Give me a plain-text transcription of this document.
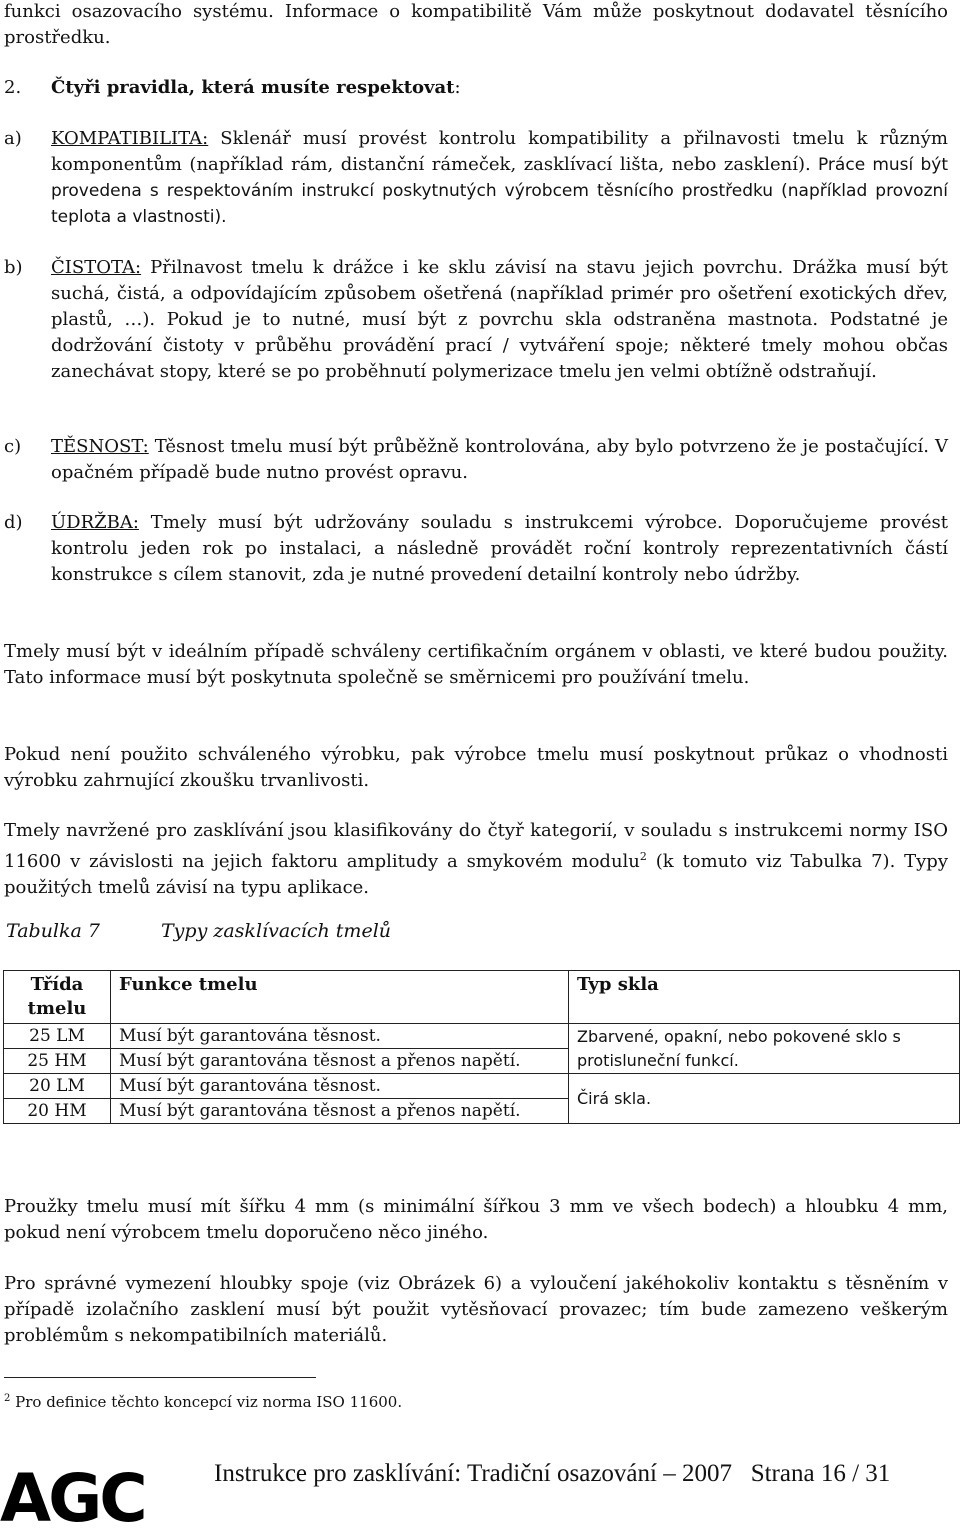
funkci osazovacího systému. Informace o kompatibilitě Vám může poskytnout dodavatel těsnícího prostředku.
2. Čtyři pravidla, která musíte respektovat:
a) KOMPATIBILITA: Sklenář musí provést kontrolu kompatibility a přilnavosti tmelu k různým komponentům (například rám, distanční rámeček, zasklívací lišta, nebo zasklení). Práce musí být provedena s respektováním instrukcí poskytnutých výrobcem těsnícího prostředku (například provozní teplota a vlastnosti).
b) ČISTOTA: Přilnavost tmelu k drážce i ke sklu závisí na stavu jejich povrchu. Drážka musí být suchá, čistá, a odpovídajícím způsobem ošetřená (například primér pro ošetření exotických dřev, plastů, …). Pokud je to nutné, musí být z povrchu skla odstraněna mastnota. Podstatné je dodržování čistoty v průběhu provádění prací / vytváření spoje; některé tmely mohou občas zanechávat stopy, které se po proběhnutí polymerizace tmelu jen velmi obtížně odstraňují.
c) TĚSNOST: Těsnost tmelu musí být průběžně kontrolována, aby bylo potvrzeno že je postačující. V opačném případě bude nutno provést opravu.
d) ÚDRŽBA: Tmely musí být udržovány souladu s instrukcemi výrobce. Doporučujeme provést kontrolu jeden rok po instalaci, a následně provádět roční kontroly reprezentativních částí konstrukce s cílem stanovit, zda je nutné provedení detailní kontroly nebo údržby.
Tmely musí být v ideálním případě schváleny certifikačním orgánem v oblasti, ve které budou použity. Tato informace musí být poskytnuta společně se směrnicemi pro používání tmelu.
Pokud není použito schváleného výrobku, pak výrobce tmelu musí poskytnout průkaz o vhodnosti výrobku zahrnující zkoušku trvanlivosti.
Tmely navržené pro zasklívání jsou klasifikovány do čtyř kategorií, v souladu s instrukcemi normy ISO 11600 v závislosti na jejich faktoru amplitudy a smykovém modulu$^2$ (k tomuto viz Tabulka 7). Typy použitých tmelů závisí na typu aplikace.
Tabulka 7	Typy zasklívacích tmelů
Třída tmelu	Funkce tmelu	Typ skla
25 LM	Musí být garantována těsnost.	Zbarvené, opakní, nebo pokovené sklo s protisluneční funkcí.
25 HM	Musí být garantována těsnost a přenos napětí.	
20 LM	Musí být garantována těsnost.	Čirá skla.
20 HM	Musí být garantována těsnost a přenos napětí.	
Proužky tmelu musí mít šířku 4 mm (s minimální šířkou 3 mm ve všech bodech) a hloubku 4 mm, pokud není výrobcem tmelu doporučeno něco jiného.
Pro správné vymezení hloubky spoje (viz Obrázek 6) a vyloučení jakéhokoliv kontaktu s těsněním v případě izolačního zasklení musí být použit vytěsňovací provazec; tím bude zamezeno veškerým problémům s nekompatibilních materiálů.
$^2$ Pro definice těchto koncepcí viz norma ISO 11600.
AGC	Instrukce pro zasklívání: Tradiční osazování – 2007   Strana 16 / 31
